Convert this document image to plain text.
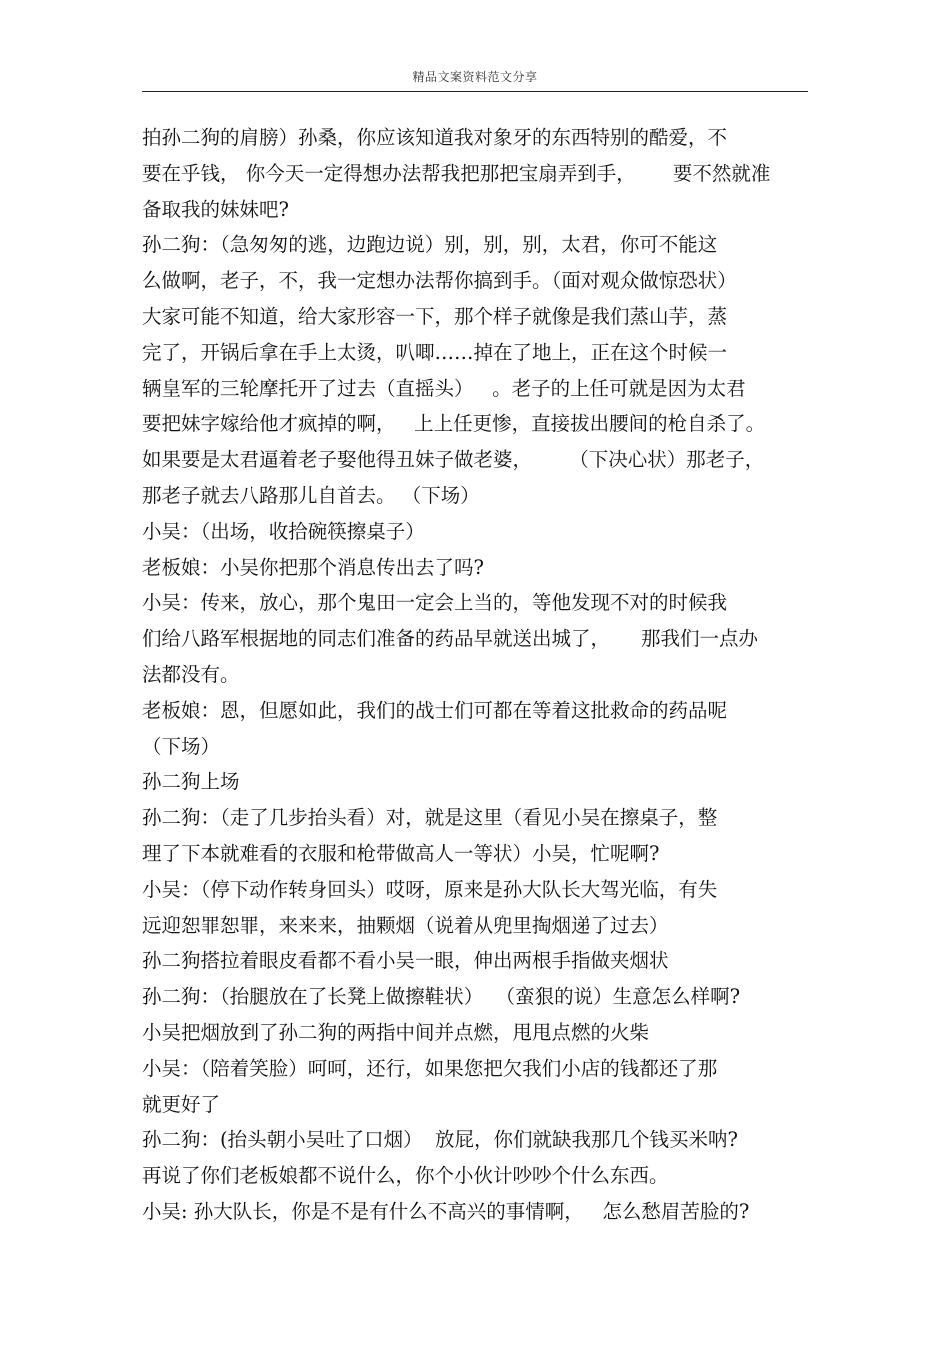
精品文案资料范文分享
拍孙二狗的肩膀）孙桑，你应该知道我对象牙的东西特别的酷爱，不
要在乎钱， 你今天一定得想办法帮我把那把宝扇弄到手，      要不然就准
备取我的妹妹吧?
孙二狗：（急匆匆的逃，边跑边说）别，别，别，太君，你可不能这
么做啊，老子，不，我一定想办法帮你搞到手。（面对观众做惊恐状）
大家可能不知道，给大家形容一下，那个样子就像是我们蒸山芋，蒸
完了，开锅后拿在手上太烫，叭唧……掉在了地上，正在这个时候一
辆皇军的三轮摩托开了过去（直摇头）   。老子的上任可就是因为太君
要把妹字嫁给他才疯掉的啊，   上上任更惨，直接拔出腰间的枪自杀了。
如果要是太君逼着老子娶他得丑妹子做老婆，      （下决心状）那老子，
那老子就去八路那儿自首去。 （下场）
小吴：（出场，收拾碗筷擦桌子）
老板娘：小吴你把那个消息传出去了吗?
小吴：传来，放心，那个鬼田一定会上当的，等他发现不对的时候我
们给八路军根据地的同志们准备的药品早就送出城了，     那我们一点办
法都没有。
老板娘：恩，但愿如此，我们的战士们可都在等着这批救命的药品呢
（下场）
孙二狗上场
孙二狗：（走了几步抬头看）对，就是这里（看见小吴在擦桌子，整
理了下本就难看的衣服和枪带做高人一等状）小吴，忙呢啊?
小吴：（停下动作转身回头）哎呀，原来是孙大队长大驾光临，有失
远迎恕罪恕罪，来来来，抽颗烟（说着从兜里掏烟递了过去）
孙二狗搭拉着眼皮看都不看小吴一眼，伸出两根手指做夹烟状
孙二狗：（抬腿放在了长凳上做擦鞋状）  （蛮狠的说）生意怎么样啊?
小吴把烟放到了孙二狗的两指中间并点燃，甩甩点燃的火柴
小吴：（陪着笑脸）呵呵，还行，如果您把欠我们小店的钱都还了那
就更好了
孙二狗：(抬头朝小吴吐了口烟）  放屁，你们就缺我那几个钱买米呐?
再说了你们老板娘都不说什么，你个小伙计吵吵个什么东西。
小吴: 孙大队长，你是不是有什么不高兴的事情啊，   怎么愁眉苦脸的?
